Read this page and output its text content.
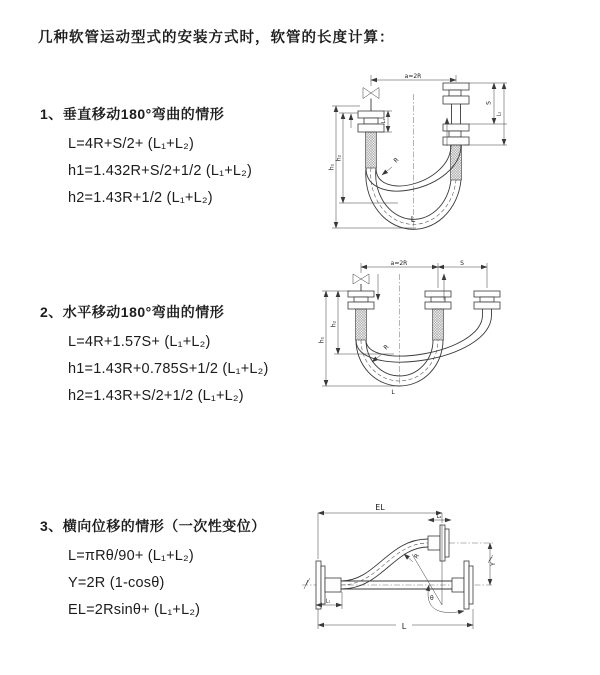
几种软管运动型式的安装方式时，软管的长度计算：
1、垂直移动180°弯曲的情形
L=4R+S/2+ (L₁+L₂)
h1=1.432R+S/2+1/2 (L₁+L₂)
h2=1.43R+1/2 (L₁+L₂)
a=2R
h₁
h₂
L₁
S
L₂
R
L
2、水平移动180°弯曲的情形
L=4R+1.57S+ (L₁+L₂)
h1=1.43R+0.785S+1/2 (L₁+L₂)
h2=1.43R+S/2+1/2 (L₁+L₂)
a=2R	S
h₁
h₂
R
L
3、横向位移的情形（一次性变位）
L=πRθ/90+ (L₁+L₂)
Y=2R (1-cosθ)
EL=2Rsinθ+ (L₁+L₂)
EL
L₂
Y
θ
R
L₁
L
